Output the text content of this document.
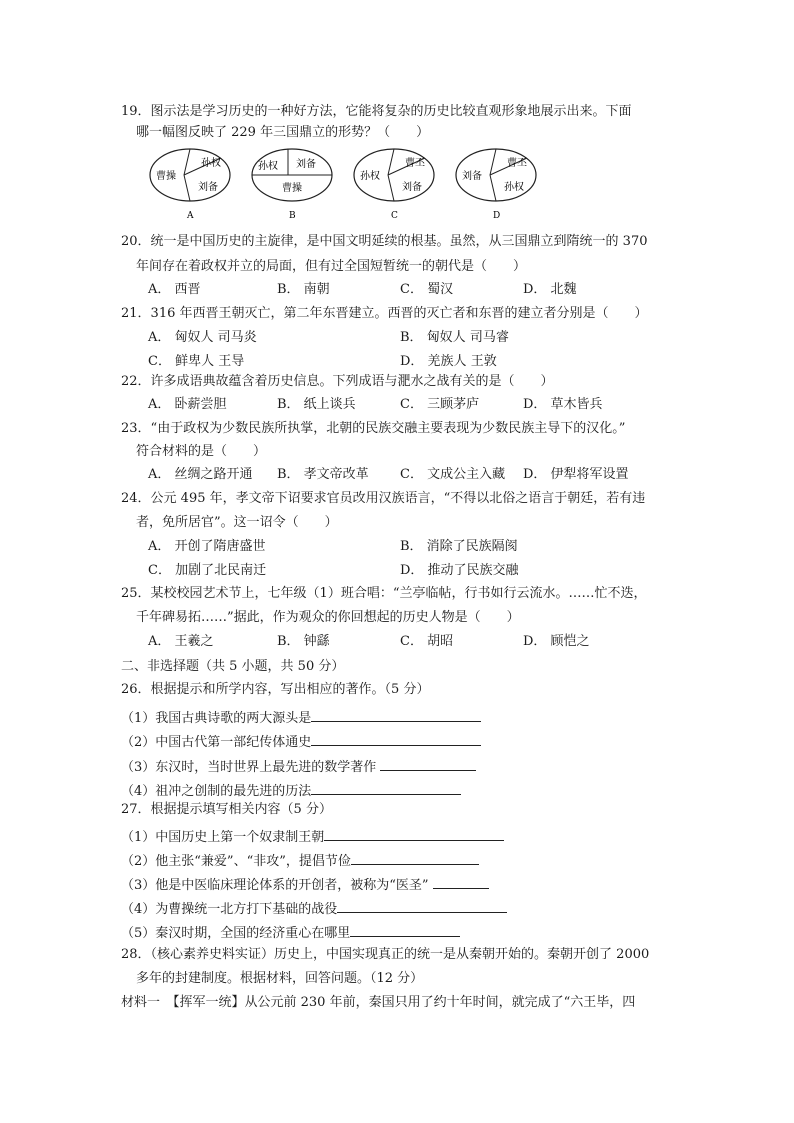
19．图示法是学习历史的一种好方法，它能将复杂的历史比较直观形象地展示出来。下面
哪一幅图反映了 229 年三国鼎立的形势？（　　）
孙权
曹操
刘备
A
刘备
孙权
曹操
B
曹丕
孙权
刘备
C
曹丕
刘备
孙权
D
20．统一是中国历史的主旋律，是中国文明延续的根基。虽然，从三国鼎立到隋统一的 370
年间存在着政权并立的局面，但有过全国短暂统一的朝代是（　　）
A． 西晋	B． 南朝	C． 蜀汉	D． 北魏
21．316 年西晋王朝灭亡，第二年东晋建立。西晋的灭亡者和东晋的建立者分别是（　　）
A． 匈奴人 司马炎	B． 匈奴人 司马睿
C． 鲜卑人 王导	D． 羌族人 王敦
22．许多成语典故蕴含着历史信息。下列成语与淝水之战有关的是（　　）
A． 卧薪尝胆	B． 纸上谈兵	C． 三顾茅庐	D． 草木皆兵
23．“由于政权为少数民族所执掌，北朝的民族交融主要表现为少数民族主导下的汉化。”
符合材料的是（　　）
A． 丝绸之路开通 B． 孝文帝改革 C． 文成公主入藏 D． 伊犁将军设置
24．公元 495 年，孝文帝下诏要求官员改用汉族语言，“不得以北俗之语言于朝廷，若有违
者，免所居官”。这一诏令（　　）
A． 开创了隋唐盛世	B． 消除了民族隔阂
C． 加剧了北民南迁	D． 推动了民族交融
25．某校校园艺术节上，七年级（1）班合唱：“兰亭临帖，行书如行云流水。……忙不迭，
千年碑易拓……”据此，作为观众的你回想起的历史人物是（　　）
A． 王羲之	B． 钟繇	C． 胡昭	D． 顾恺之
二、非选择题（共 5 小题，共 50 分）
26．根据提示和所学内容，写出相应的著作。（5 分）
（1）我国古典诗歌的两大源头是
（2）中国古代第一部纪传体通史
（3）东汉时，当时世界上最先进的数学著作
（4）祖冲之创制的最先进的历法
27．根据提示填写相关内容（5 分）
（1）中国历史上第一个奴隶制王朝
（2）他主张“兼爱”、“非攻”，提倡节俭
（3）他是中医临床理论体系的开创者，被称为“医圣”
（4）为曹操统一北方打下基础的战役
（5）秦汉时期，全国的经济重心在哪里
28．（核心素养史料实证）历史上，中国实现真正的统一是从秦朝开始的。秦朝开创了 2000
多年的封建制度。根据材料，回答问题。（12 分）
材料一　【挥军一统】从公元前 230 年前，秦国只用了约十年时间，就完成了“六王毕，四
